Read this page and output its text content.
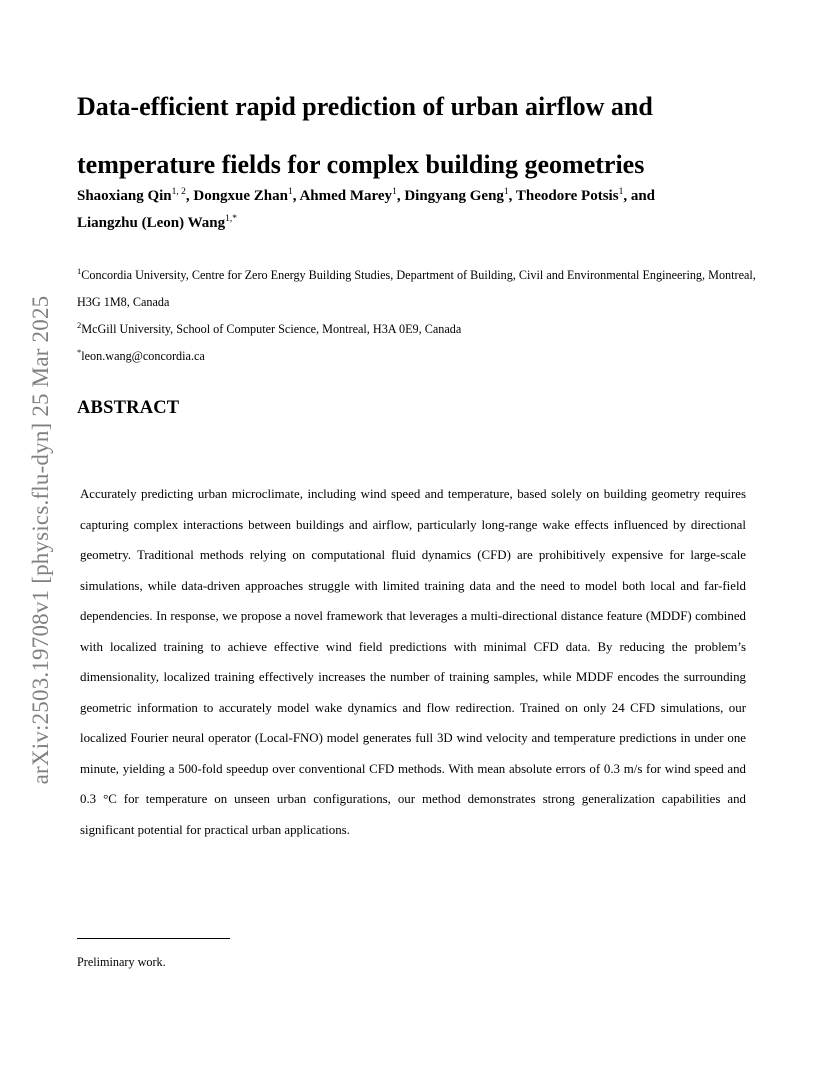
arXiv:2503.19708v1 [physics.flu-dyn] 25 Mar 2025
Data-efficient rapid prediction of urban airflow and
temperature fields for complex building geometries
Shaoxiang Qin$^{1, 2}$, Dongxue Zhan$^1$, Ahmed Marey$^1$, Dingyang Geng$^1$, Theodore Potsis$^1$, and
Liangzhu (Leon) Wang$^{1,*}$
$^1$Concordia University, Centre for Zero Energy Building Studies, Department of Building, Civil and Environmental Engineering, Montreal, H3G 1M8, Canada
$^2$McGill University, School of Computer Science, Montreal, H3A 0E9, Canada
*leon.wang@concordia.ca
ABSTRACT
Accurately predicting urban microclimate, including wind speed and temperature, based solely on building geometry requires capturing complex interactions between buildings and airflow, particularly long-range wake effects influenced by directional geometry. Traditional methods relying on computational fluid dynamics (CFD) are prohibitively expensive for large-scale simulations, while data-driven approaches struggle with limited training data and the need to model both local and far-field dependencies. In response, we propose a novel framework that leverages a multi-directional distance feature (MDDF) combined with localized training to achieve effective wind field predictions with minimal CFD data. By reducing the problem’s dimensionality, localized training effectively increases the number of training samples, while MDDF encodes the surrounding geometric information to accurately model wake dynamics and flow redirection. Trained on only 24 CFD simulations, our localized Fourier neural operator (Local-FNO) model generates full 3D wind velocity and temperature predictions in under one minute, yielding a 500-fold speedup over conventional CFD methods. With mean absolute errors of 0.3 m/s for wind speed and 0.3 °C for temperature on unseen urban configurations, our method demonstrates strong generalization capabilities and significant potential for practical urban applications.
Preliminary work.
